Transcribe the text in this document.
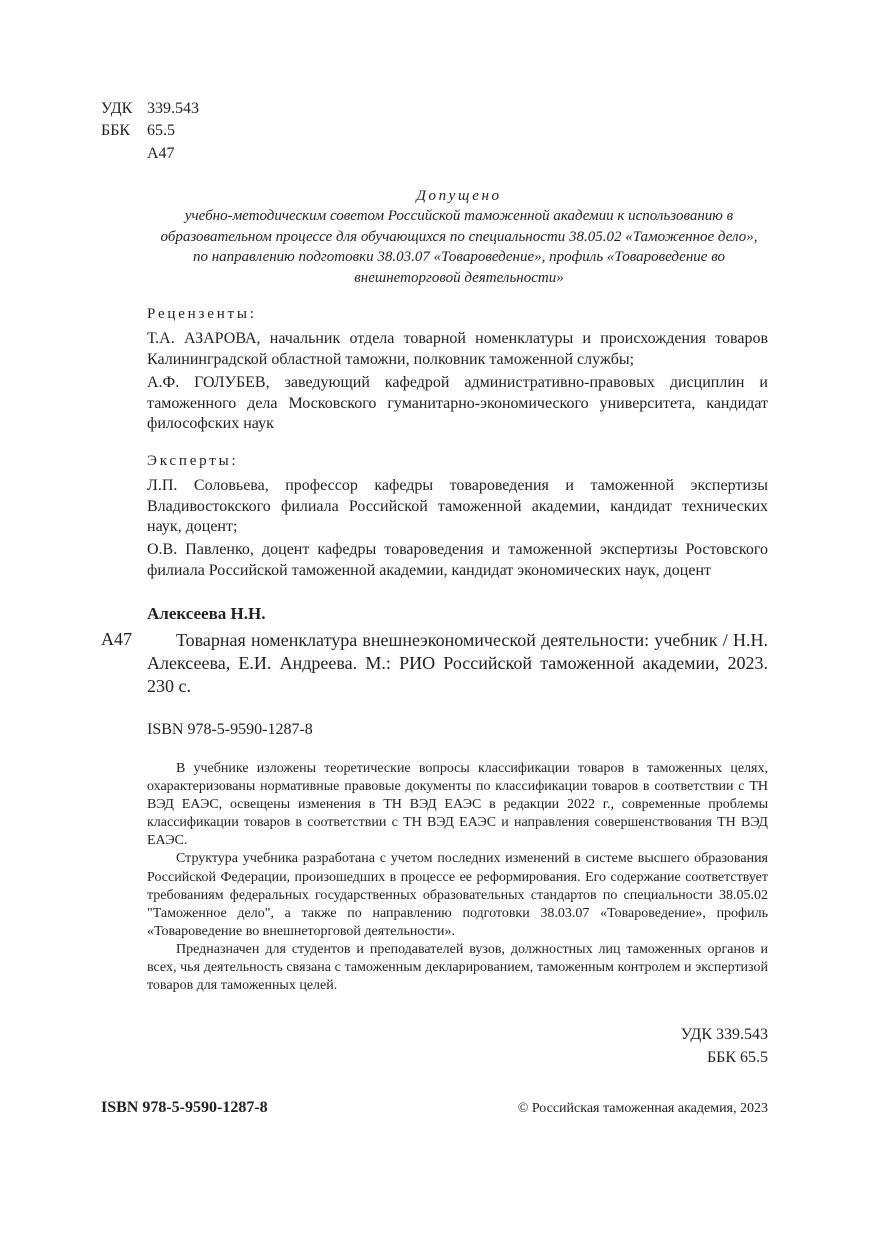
УДК 339.543
ББК	65.5
А47
Допущено
учебно-методическим советом Российской таможенной академии к использованию в образовательном процессе для обучающихся по специальности 38.05.02 «Таможенное дело», по направлению подготовки 38.03.07 «Товароведение», профиль «Товароведение во внешнеторговой деятельности»
Рецензенты:
Т.А. АЗАРОВА, начальник отдела товарной номенклатуры и происхождения товаров Калининградской областной таможни, полковник таможенной службы;
А.Ф. ГОЛУБЕВ, заведующий кафедрой административно-правовых дисциплин и таможенного дела Московского гуманитарно-экономического университета, кандидат философских наук
Эксперты:
Л.П. Соловьева, профессор кафедры товароведения и таможенной экспертизы Владивостокского филиала Российской таможенной академии, кандидат технических наук, доцент;
О.В. Павленко, доцент кафедры товароведения и таможенной экспертизы Ростовского филиала Российской таможенной академии, кандидат экономических наук, доцент
Алексеева Н.Н.
А47	Товарная номенклатура внешнеэкономической деятельности: учебник / Н.Н. Алексеева, Е.И. Андреева. М.: РИО Российской таможенной академии, 2023. 230 с.
ISBN 978-5-9590-1287-8

В учебнике изложены теоретические вопросы классификации товаров в таможенных целях, охарактеризованы нормативные правовые документы по классификации товаров в соответствии с ТН ВЭД ЕАЭС, освещены изменения в ТН ВЭД ЕАЭС в редакции 2022 г., современные проблемы классификации товаров в соответствии с ТН ВЭД ЕАЭС и направления совершенствования ТН ВЭД ЕАЭС.

Структура учебника разработана с учетом последних изменений в системе высшего образования Российской Федерации, произошедших в процессе ее реформирования. Его содержание соответствует требованиям федеральных государственных образовательных стандартов по специальности 38.05.02 "Таможенное дело", а также по направлению подготовки 38.03.07 «Товароведение», профиль «Товароведение во внешнеторговой деятельности».

Предназначен для студентов и преподавателей вузов, должностных лиц таможенных органов и всех, чья деятельность связана с таможенным декларированием, таможенным контролем и экспертизой товаров для таможенных целей.

УДК 339.543
ББК 65.5
ISBN 978-5-9590-1287-8	© Российская таможенная академия, 2023
